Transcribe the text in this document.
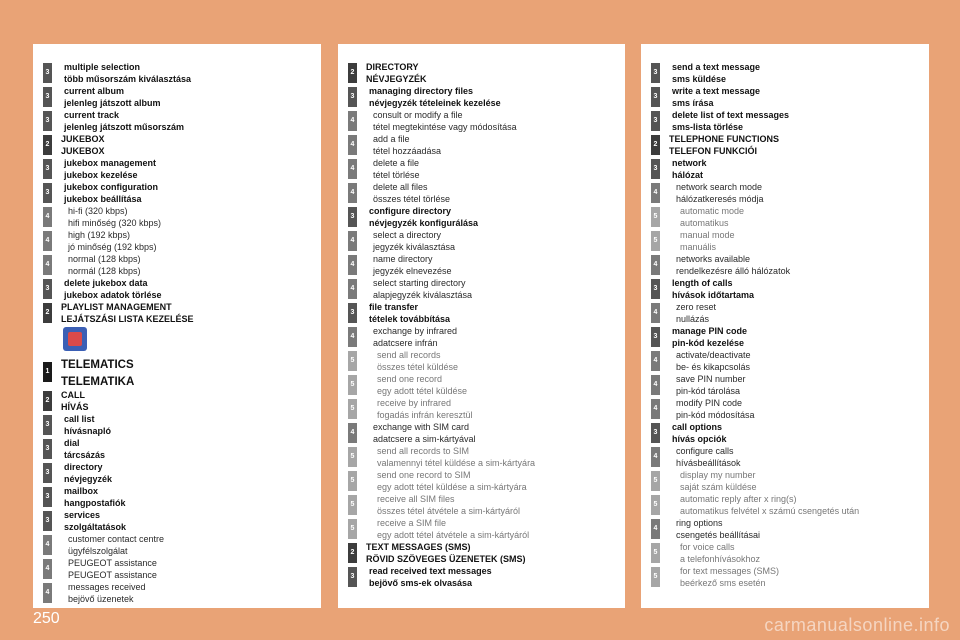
3
multiple selection
több műsorszám kiválasztása
3
current album
jelenleg játszott album
3
current track
jelenleg játszott műsorszám
2
JUKEBOX
JUKEBOX
3
jukebox management
jukebox kezelése
3
jukebox configuration
jukebox beállítása
4
hi-fi (320 kbps)
hifi minőség (320 kbps)
4
high (192 kbps)
jó minőség (192 kbps)
4
normal (128 kbps)
normál (128 kbps)
3
delete jukebox data
jukebox adatok törlése
2
PLAYLIST MANAGEMENT
LEJÁTSZÁSI LISTA KEZELÉSE
1
TELEMATICS
TELEMATIKA
2
CALL
HÍVÁS
3
call list
hívásnapló
3
dial
tárcsázás
3
directory
névjegyzék
3
mailbox
hangpostafiók
3
services
szolgáltatások
4
customer contact centre
ügyfélszolgálat
4
PEUGEOT assistance
PEUGEOT assistance
4
messages received
bejövő üzenetek
2
DIRECTORY
NÉVJEGYZÉK
3
managing directory files
névjegyzék tételeinek kezelése
4
consult or modify a file
tétel megtekintése vagy módosítása
4
add a file
tétel hozzáadása
4
delete a file
tétel törlése
4
delete all files
összes tétel törlése
3
configure directory
névjegyzék konfigurálása
4
select a directory
jegyzék kiválasztása
4
name directory
jegyzék elnevezése
4
select starting directory
alapjegyzék kiválasztása
3
file transfer
tételek továbbítása
4
exchange by infrared
adatcsere infrán
5
send all records
összes tétel küldése
5
send one record
egy adott tétel küldése
5
receive by infrared
fogadás infrán keresztül
4
exchange with SIM card
adatcsere a sim-kártyával
5
send all records to SIM
valamennyi tétel küldése a sim-kártyára
5
send one record to SIM
egy adott tétel küldése a sim-kártyára
5
receive all SIM files
összes tétel átvétele a sim-kártyáról
5
receive a SIM file
egy adott tétel átvétele a sim-kártyáról
2
TEXT MESSAGES (SMS)
RÖVID SZÖVEGES ÜZENETEK (SMS)
3
read received text messages
bejövő sms-ek olvasása
3
send a text message
sms küldése
3
write a text message
sms írása
3
delete list of text messages
sms-lista törlése
2
TELEPHONE FUNCTIONS
TELEFON FUNKCIÓI
3
network
hálózat
4
network search mode
hálózatkeresés módja
5
automatic mode
automatikus
5
manual mode
manuális
4
networks available
rendelkezésre álló hálózatok
3
length of calls
hívások időtartama
4
zero reset
nullázás
3
manage PIN code
pin-kód kezelése
4
activate/deactivate
be- és kikapcsolás
4
save PIN number
pin-kód tárolása
4
modify PIN code
pin-kód módosítása
3
call options
hívás opciók
4
configure calls
hívásbeállítások
5
display my number
saját szám küldése
5
automatic reply after x ring(s)
automatikus felvétel x számú csengetés után
4
ring options
csengetés beállításai
5
for voice calls
a telefonhívásokhoz
5
for text messages (SMS)
beérkező sms esetén
250	carmanualsonline.info
